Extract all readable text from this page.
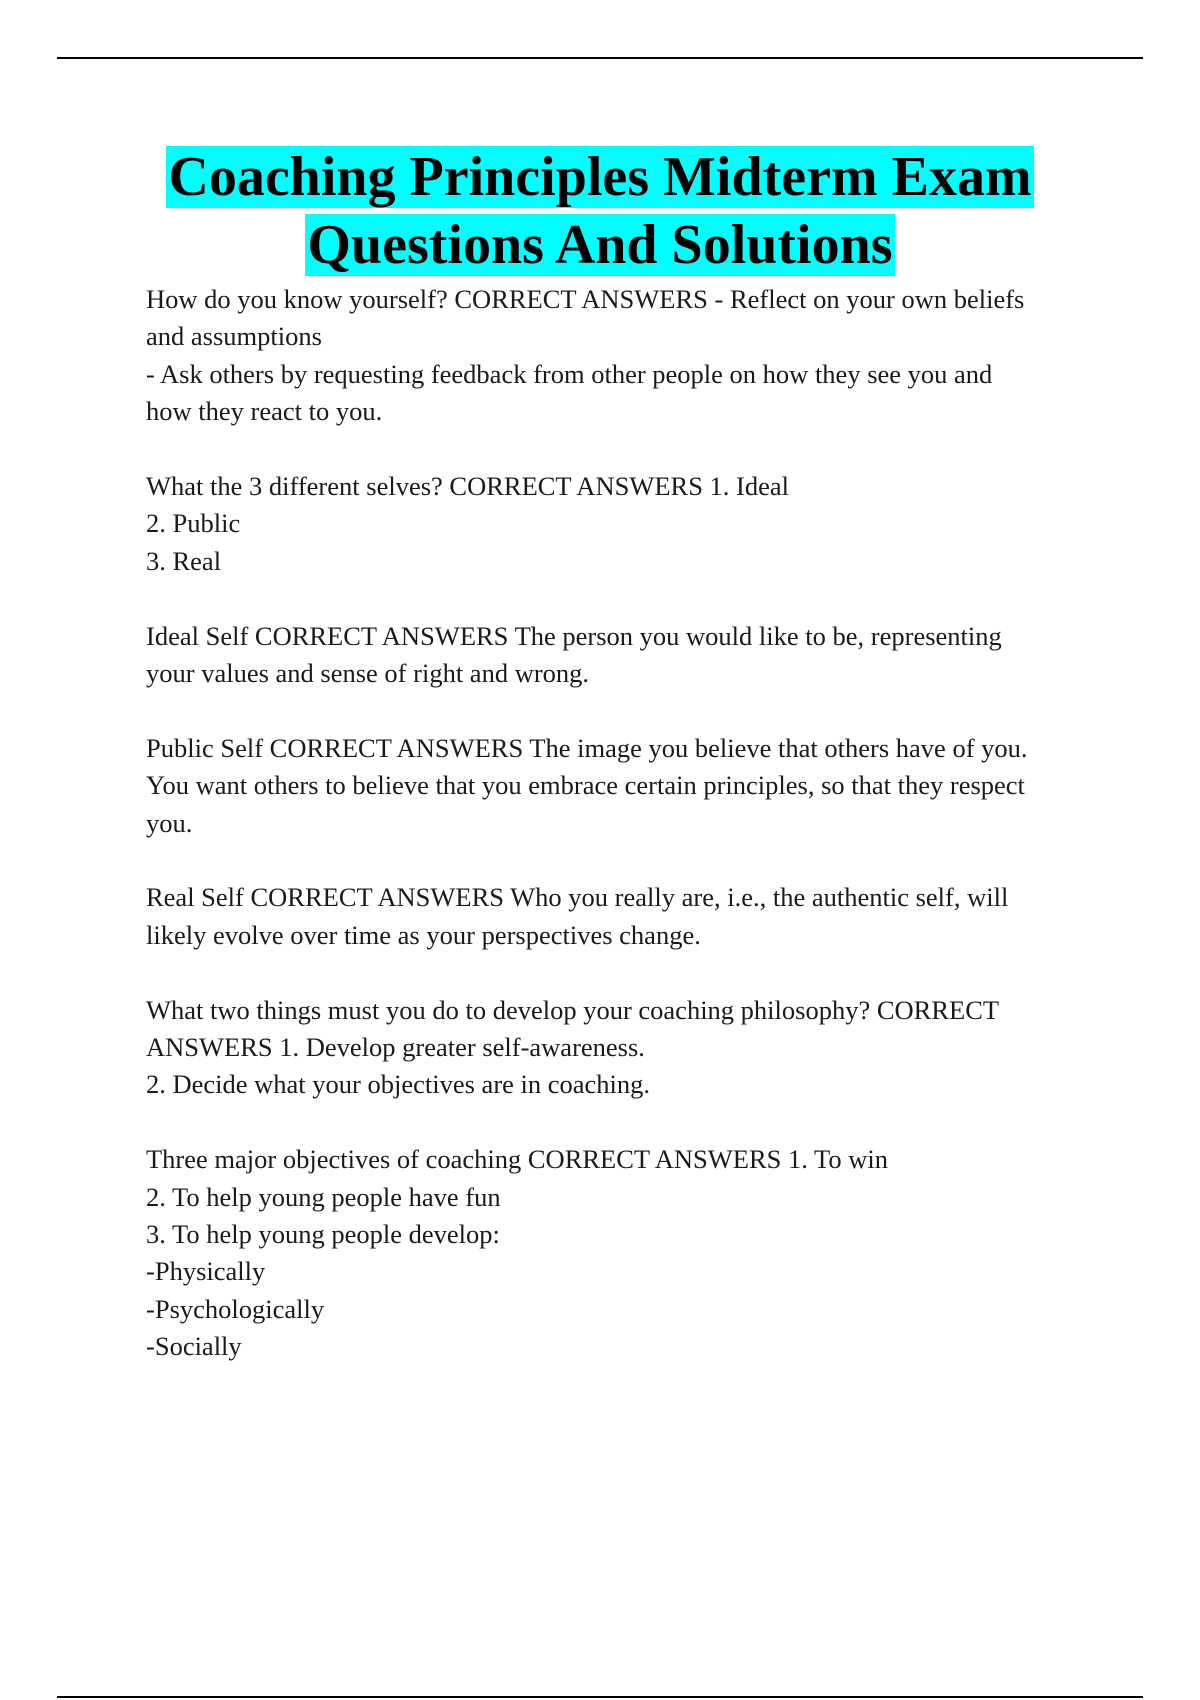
Coaching Principles Midterm Exam
Questions And Solutions
How do you know yourself? CORRECT ANSWERS - Reflect on your own beliefs
and assumptions
- Ask others by requesting feedback from other people on how they see you and
how they react to you.
What the 3 different selves? CORRECT ANSWERS 1. Ideal
2. Public
3. Real
Ideal Self CORRECT ANSWERS The person you would like to be, representing
your values and sense of right and wrong.
Public Self CORRECT ANSWERS The image you believe that others have of you.
You want others to believe that you embrace certain principles, so that they respect
you.
Real Self CORRECT ANSWERS Who you really are, i.e., the authentic self, will
likely evolve over time as your perspectives change.
What two things must you do to develop your coaching philosophy? CORRECT
ANSWERS 1. Develop greater self-awareness.
2. Decide what your objectives are in coaching.
Three major objectives of coaching CORRECT ANSWERS 1. To win
2. To help young people have fun
3. To help young people develop:
-Physically
-Psychologically
-Socially
